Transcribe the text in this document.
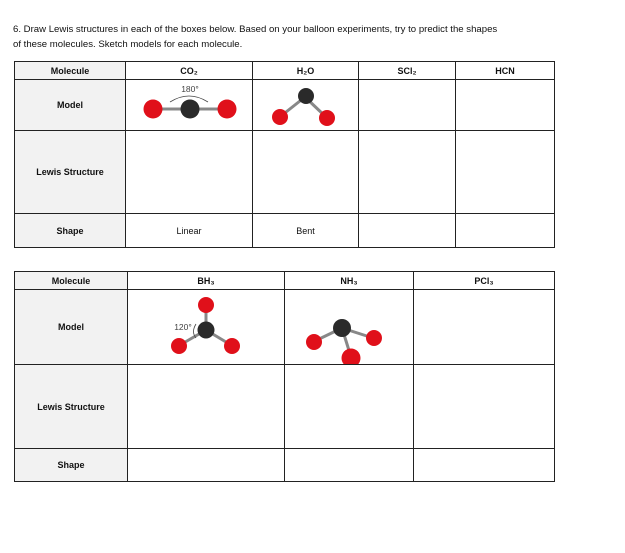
6. Draw Lewis structures in each of the boxes below. Based on your balloon experiments, try to predict the shapes
of these molecules. Sketch models for each molecule.
Molecule	CO₂	H₂O	SCl₂	HCN
Model	180°

Lewis Structure				
Shape	Linear	Bent		
Molecule	BH₃	NH₃	PCl₃
Model	120°

Lewis Structure			
Shape			
